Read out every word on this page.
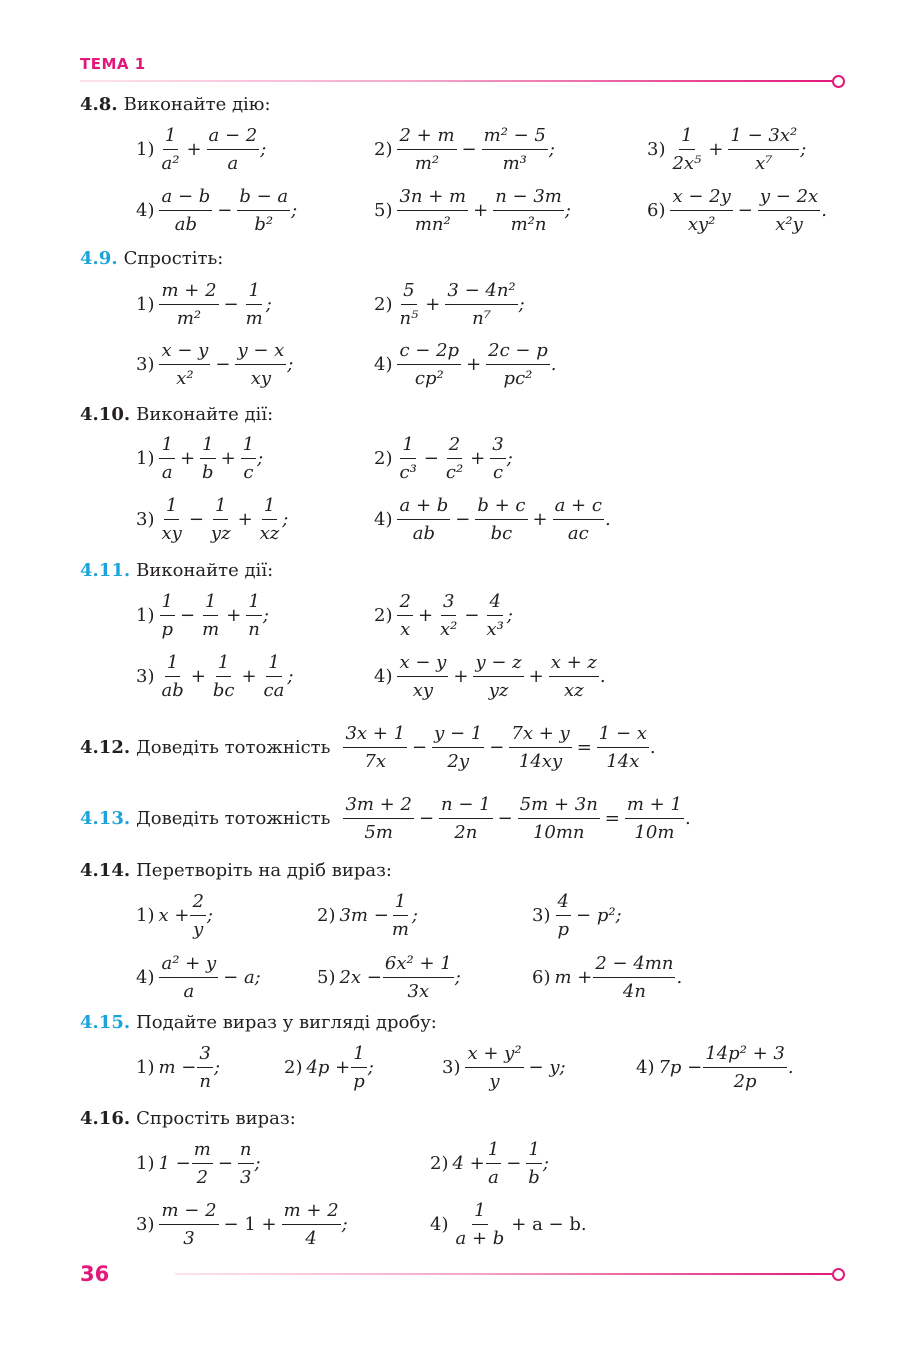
ТЕМА 1
4.8. Виконайте дію:
$1) \frac{1}{\text{a²}} + \frac{a - 2}{a}$ ;	$2) \frac{2 + m}{\text{m²}} - \frac{\text{m² − 5}}{\text{m³}}$ ;	$3) \frac{1}{\text{2x⁵}} + \frac{\text{1 − 3x²}}{\text{x⁷}}$ ;
$4) \frac{a - b}{ab} - \frac{b - a}{\text{b²}}$ ;	$5) \frac{3n + m}{\text{mn²}} + \frac{n - 3m}{\text{m²n}}$ ;	$6) \frac{x - 2y}{\text{xy²}} - \frac{y - 2x}{\text{x²y}}$ .
4.9. Спростіть:
$1) \frac{m + 2}{\text{m²}} - \frac{1}{m}$ ;	$2) \frac{5}{\text{n⁵}} + \frac{\text{3 − 4n²}}{\text{n⁷}}$ ;
$3) \frac{x - y}{\text{x²}} - \frac{y - x}{xy}$ ;	$4) \frac{c - 2p}{\text{cp²}} + \frac{2c - p}{\text{pc²}}$ .
4.10. Виконайте дії:
$1) \frac{1}{a} + \frac{1}{b} + \frac{1}{c}$ ;	$2) \frac{1}{\text{c³}} - \frac{2}{\text{c²}} + \frac{3}{c}$ ;
$3) \frac{1}{xy} - \frac{1}{yz} + \frac{1}{xz}$ ;	$4) \frac{a + b}{ab} - \frac{b + c}{bc} + \frac{a + c}{ac}$ .
4.11. Виконайте дії:
$1) \frac{1}{p} - \frac{1}{m} + \frac{1}{n}$ ;	$2) \frac{2}{x} + \frac{3}{\text{x²}} - \frac{4}{\text{x³}}$ ;
$3) \frac{1}{ab} + \frac{1}{bc} + \frac{1}{ca}$ ;	$4) \frac{x - y}{xy} + \frac{y - z}{yz} + \frac{x + z}{xz}$ .
4.12. Доведіть тотожність $\frac{3x + 1}{7x} - \frac{y - 1}{2y} - \frac{7x + y}{14xy} = \frac{1 - x}{14x}$ .
4.13. Доведіть тотожність $\frac{3m + 2}{5m} - \frac{n - 1}{2n} - \frac{5m + 3n}{10mn} = \frac{m + 1}{10m}$ .
4.14. Перетворіть на дріб вираз:
1) $x + \frac{2}{y}$ ;	2) $3m - \frac{1}{m}$ ;	$3) \frac{4}{p} - p^2$;
$4) \frac{\text{a² + y}}{a} - a$;	5) $2x - \frac{\text{6x² + 1}}{3x}$ ;	6) $m + \frac{2 - 4mn}{4n}$ .
4.15. Подайте вираз у вигляді дробу:
1) $m - \frac{3}{n}$ ;	2) $4p + \frac{1}{p}$ ;	$3) \frac{\text{x + y²}}{y} - y$;	4) $7p - \frac{\text{14p² + 3}}{2p}$ .
4.16. Спростіть вираз:
1) $1 - \frac{m}{2} - \frac{n}{3}$ ;	2) $4 + \frac{1}{a} - \frac{1}{b}$ ;
$3) \frac{m - 2}{3} - 1 + \frac{m + 2}{4}$ ;	$4) \frac{1}{a + b} + a - b$.
36
